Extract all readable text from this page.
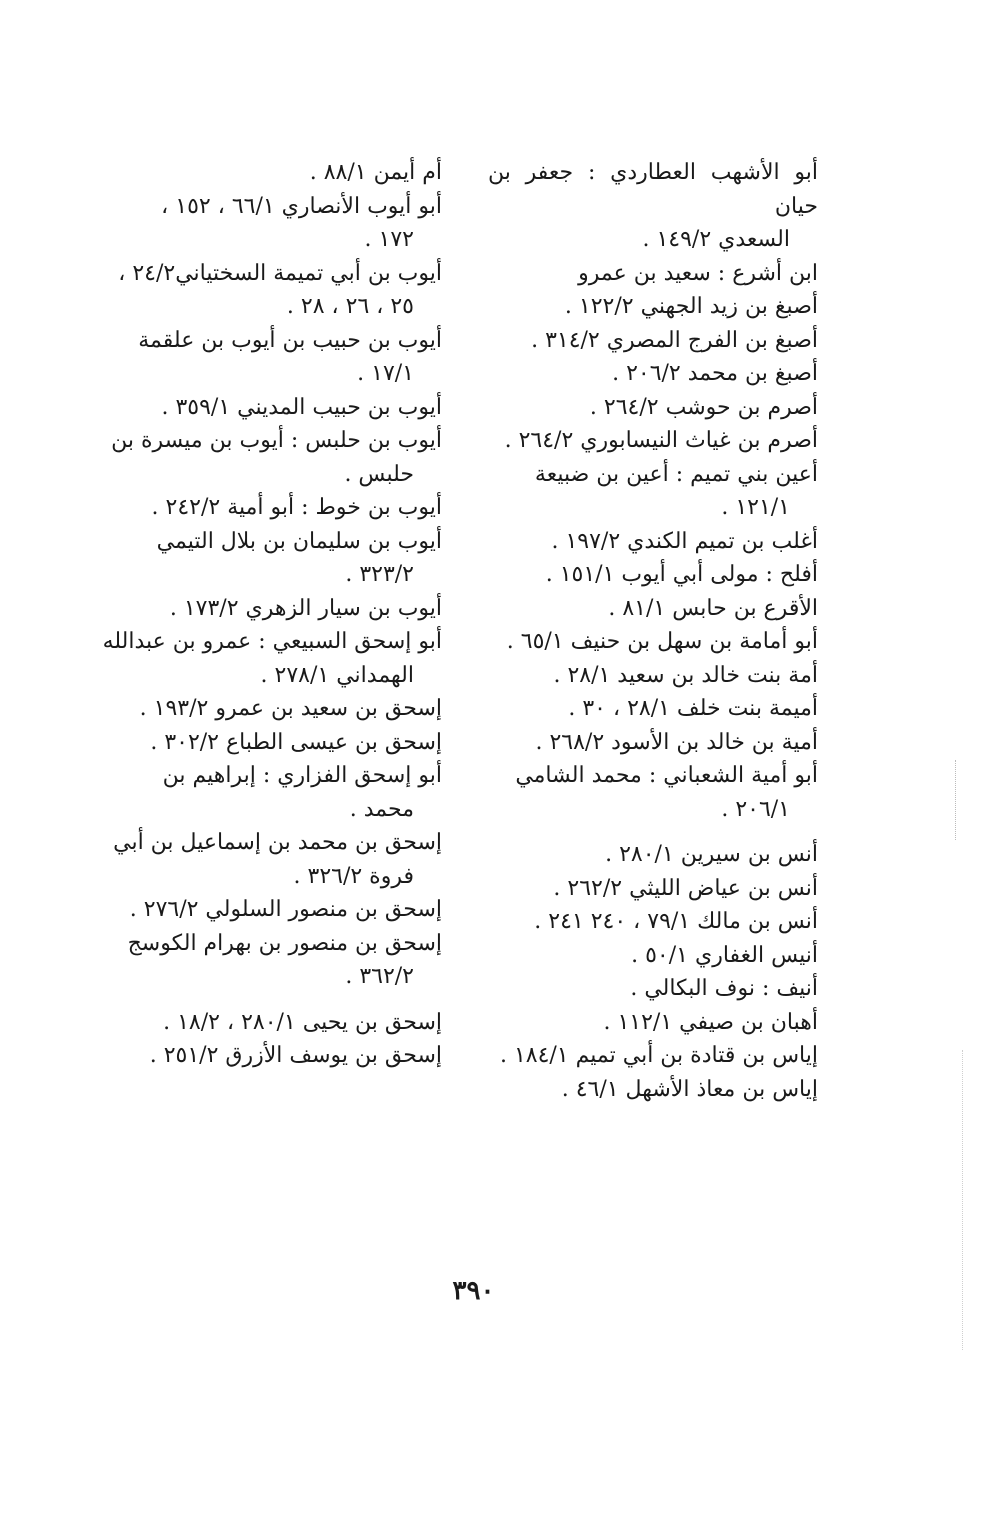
أبو الأشهب العطاردي : جعفر بن حيان
السعدي ١٤٩/٢ .
ابن أشرع : سعيد بن عمرو
أصبغ بن زيد الجهني ١٢٢/٢ .
أصبغ بن الفرج المصري ٣١٤/٢ .
أصبغ بن محمد ٢٠٦/٢ .
أصرم بن حوشب ٢٦٤/٢ .
أصرم بن غياث النيسابوري ٢٦٤/٢ .
أعين بني تميم : أعين بن ضبيعة
١٢١/١ .
أغلب بن تميم الكندي ١٩٧/٢ .
أفلح : مولى أبي أيوب ١٥١/١ .
الأقرع بن حابس ٨١/١ .
أبو أمامة بن سهل بن حنيف ٦٥/١ .
أمة بنت خالد بن سعيد ٢٨/١ .
أميمة بنت خلف ٢٨/١ ، ٣٠ .
أمية بن خالد بن الأسود ٢٦٨/٢ .
أبو أمية الشعباني : محمد الشامي
٢٠٦/١ .
أنس بن سيرين ٢٨٠/١ .
أنس بن عياض الليثي ٢٦٢/٢ .
أنس بن مالك ٧٩/١ ، ٢٤٠ ٢٤١ .
أنيس الغفاري ٥٠/١ .
أنيف : نوف البكالي .
أهبان بن صيفي ١١٢/١ .
إياس بن قتادة بن أبي تميم ١٨٤/١ .
إياس بن معاذ الأشهل ٤٦/١ .
أم أيمن ٨٨/١ .
أبو أيوب الأنصاري ٦٦/١ ، ١٥٢ ،
١٧٢ .
أيوب بن أبي تميمة السختياني٢٤/٢ ،
٢٥ ، ٢٦ ، ٢٨ .
أيوب بن حبيب بن أيوب بن علقمة
١٧/١ .
أيوب بن حبيب المديني ٣٥٩/١ .
أيوب بن حلبس : أيوب بن ميسرة بن
حلبس .
أيوب بن خوط : أبو أمية ٢٤٢/٢ .
أيوب بن سليمان بن بلال التيمي
٣٢٣/٢ .
أيوب بن سيار الزهري ١٧٣/٢ .
أبو إسحق السبيعي : عمرو بن عبدالله
الهمداني ٢٧٨/١ .
إسحق بن سعيد بن عمرو ١٩٣/٢ .
إسحق بن عيسى الطباع ٣٠٢/٢ .
أبو إسحق الفزاري : إبراهيم بن
محمد .
إسحق بن محمد بن إسماعيل بن أبي
فروة ٣٢٦/٢ .
إسحق بن منصور السلولي ٢٧٦/٢ .
إسحق بن منصور بن بهرام الكوسج
٣٦٢/٢ .
إسحق بن يحيى ٢٨٠/١ ، ١٨/٢ .
إسحق بن يوسف الأزرق ٢٥١/٢ .
٣٩٠
